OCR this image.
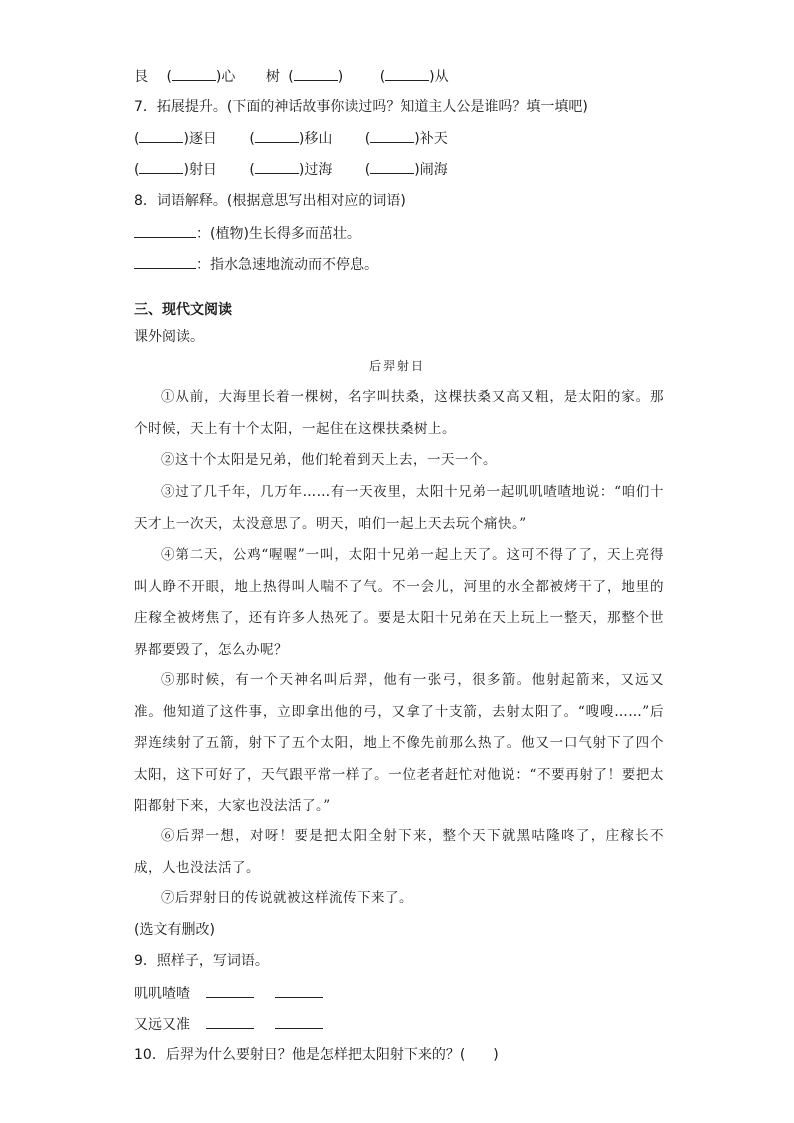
艮 (	)心 树 (	) (	)从
7．拓展提升。(下面的神话故事你读过吗？知道主人公是谁吗？填一填吧)
(	)逐日 (	)移山 (	)补天
(	)射日 (	)过海 (	)闹海
8．词语解释。(根据意思写出相对应的词语)
：(植物)生长得多而茁壮。
：指水急速地流动而不停息。
三、现代文阅读
课外阅读。
后羿射日
①从前，大海里长着一棵树，名字叫扶桑，这棵扶桑又高又粗，是太阳的家。那个时候，天上有十个太阳，一起住在这棵扶桑树上。
②这十个太阳是兄弟，他们轮着到天上去，一天一个。
③过了几千年，几万年……有一天夜里，太阳十兄弟一起叽叽喳喳地说：“咱们十天才上一次天，太没意思了。明天，咱们一起上天去玩个痛快。”
④第二天，公鸡“喔喔”一叫，太阳十兄弟一起上天了。这可不得了了，天上亮得叫人睁不开眼，地上热得叫人喘不了气。不一会儿，河里的水全都被烤干了，地里的庄稼全被烤焦了，还有许多人热死了。要是太阳十兄弟在天上玩上一整天，那整个世界都要毁了，怎么办呢？
⑤那时候，有一个天神名叫后羿，他有一张弓，很多箭。他射起箭来，又远又准。他知道了这件事，立即拿出他的弓，又拿了十支箭，去射太阳了。“嗖嗖……”后羿连续射了五箭，射下了五个太阳，地上不像先前那么热了。他又一口气射下了四个太阳，这下可好了，天气跟平常一样了。一位老者赶忙对他说：“不要再射了！要把太阳都射下来，大家也没法活了。”
⑥后羿一想，对呀！要是把太阳全射下来，整个天下就黑咕隆咚了，庄稼长不成，人也没法活了。
⑦后羿射日的传说就被这样流传下来了。
(选文有删改)
9．照样子，写词语。
叽叽喳喳
又远又准
10．后羿为什么要射日？他是怎样把太阳射下来的？(　　)
